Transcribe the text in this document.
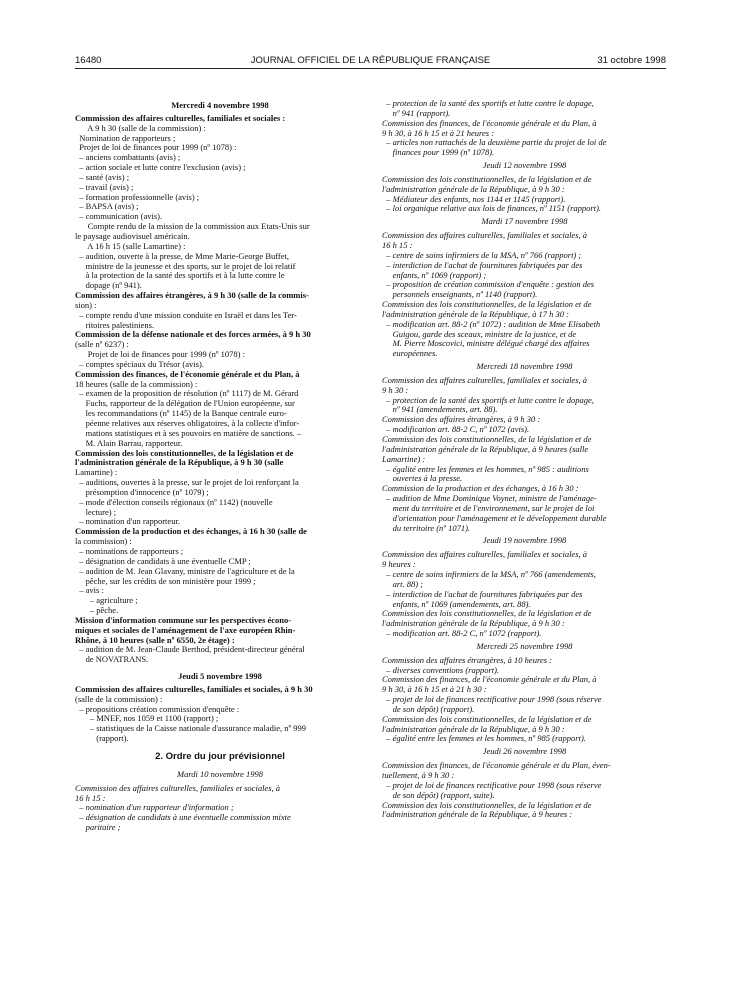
16480	JOURNAL OFFICIEL DE LA RÉPUBLIQUE FRANÇAISE	31 octobre 1998
Mercredi 4 novembre 1998
Commission des affaires culturelles, familiales et sociales :
A 9 h 30 (salle de la commission) :
Nomination de rapporteurs ;
Projet de loi de finances pour 1999 (nº 1078) :
– anciens combattants (avis) ;
– action sociale et lutte contre l'exclusion (avis) ;
– santé (avis) ;
– travail (avis) ;
– formation professionnelle (avis) ;
– BAPSA (avis) ;
– communication (avis).
Compte rendu de la mission de la commission aux Etats-Unis sur
le paysage audiovisuel américain.
A 16 h 15 (salle Lamartine) :
– audition, ouverte à la presse, de Mme Marie-George Buffet,
ministre de la jeunesse et des sports, sur le projet de loi relatif
à la protection de la santé des sportifs et à la lutte contre le
dopage (nº 941).
Commission des affaires étrangères, à 9 h 30 (salle de la commis-
sion) :
– compte rendu d'une mission conduite en Israël et dans les Ter-
ritoires palestiniens.
Commission de la défense nationale et des forces armées, à 9 h 30
(salle nº 6237) :
Projet de loi de finances pour 1999 (nº 1078) :
– comptes spéciaux du Trésor (avis).
Commission des finances, de l'économie générale et du Plan, à
18 heures (salle de la commission) :
– examen de la proposition de résolution (nº 1117) de M. Gérard
Fuchs, rapporteur de la délégation de l'Union européenne, sur
les recommandations (nº 1145) de la Banque centrale euro-
péenne relatives aux réserves obligatoires, à la collecte d'infor-
mations statistiques et à ses pouvoirs en matière de sanctions. –
M. Alain Barrau, rapporteur.
Commission des lois constitutionnelles, de la législation et de
l'administration générale de la République, à 9 h 30 (salle
Lamartine) :
– auditions, ouvertes à la presse, sur le projet de loi renforçant la
présomption d'innocence (nº 1079) ;
– mode d'élection conseils régionaux (nº 1142) (nouvelle
lecture) ;
– nomination d'un rapporteur.
Commission de la production et des échanges, à 16 h 30 (salle de
la commission) :
– nominations de rapporteurs ;
– désignation de candidats à une éventuelle CMP ;
– audition de M. Jean Glavany, ministre de l'agriculture et de la
pêche, sur les crédits de son ministère pour 1999 ;
– avis :
– agriculture ;
– pêche.
Mission d'information commune sur les perspectives écono-
miques et sociales de l'aménagement de l'axe européen Rhin-
Rhône, à 10 heures (salle nº 6550, 2e étage) :
– audition de M. Jean-Claude Berthod, président-directeur général
de NOVATRANS.
Jeudi 5 novembre 1998
Commission des affaires culturelles, familiales et sociales, à 9 h 30
(salle de la commission) :
– propositions création commission d'enquête :
– MNEF, nos 1059 et 1100 (rapport) ;
– statistiques de la Caisse nationale d'assurance maladie, nº 999
(rapport).
2. Ordre du jour prévisionnel
Mardi 10 novembre 1998
Commission des affaires culturelles, familiales et sociales, à
16 h 15 :
– nomination d'un rapporteur d'information ;
– désignation de candidats à une éventuelle commission mixte
paritaire ;
– protection de la santé des sportifs et lutte contre le dopage,
nº 941 (rapport).
Commission des finances, de l'économie générale et du Plan, à
9 h 30, à 16 h 15 et à 21 heures :
– articles non rattachés de la deuxième partie du projet de loi de
finances pour 1999 (nº 1078).
Jeudi 12 novembre 1998
Commission des lois constitutionnelles, de la législation et de
l'administration générale de la République, à 9 h 30 :
– Médiateur des enfants, nos 1144 et 1145 (rapport).
– loi organique relative aux lois de finances, nº 1151 (rapport).
Mardi 17 novembre 1998
Commission des affaires culturelles, familiales et sociales, à
16 h 15 :
– centre de soins infirmiers de la MSA, nº 766 (rapport) ;
– interdiction de l'achat de fournitures fabriquées par des
enfants, nº 1069 (rapport) ;
– proposition de création commission d'enquête : gestion des
personnels enseignants, nº 1140 (rapport).
Commission des lois constitutionnelles, de la législation et de
l'administration générale de la République, à 17 h 30 :
– modification art. 88-2 (nº 1072) : audition de Mme Elisabeth
Guigou, garde des sceaux, ministre de la justice, et de
M. Pierre Moscovici, ministre délégué chargé des affaires
européennes.
Mercredi 18 novembre 1998
Commission des affaires culturelles, familiales et sociales, à
9 h 30 :
– protection de la santé des sportifs et lutte contre le dopage,
nº 941 (amendements, art. 88).
Commission des affaires étrangères, à 9 h 30 :
– modification art. 88-2 C, nº 1072 (avis).
Commission des lois constitutionnelles, de la législation et de
l'administration générale de la République, à 9 heures (salle
Lamartine) :
– égalité entre les femmes et les hommes, nº 985 : auditions
ouvertes à la presse.
Commission de la production et des échanges, à 16 h 30 :
– audition de Mme Dominique Voynet, ministre de l'aménage-
ment du territoire et de l'environnement, sur le projet de loi
d'orientation pour l'aménagement et le développement durable
du territoire (nº 1071).
Jeudi 19 novembre 1998
Commission des affaires culturelles, familiales et sociales, à
9 heures :
– centre de soins infirmiers de la MSA, nº 766 (amendements,
art. 88) ;
– interdiction de l'achat de fournitures fabriquées par des
enfants, nº 1069 (amendements, art. 88).
Commission des lois constitutionnelles, de la législation et de
l'administration générale de la République, à 9 h 30 :
– modification art. 88-2 C, nº 1072 (rapport).
Mercredi 25 novembre 1998
Commission des affaires étrangères, à 10 heures :
– diverses conventions (rapport).
Commission des finances, de l'économie générale et du Plan, à
9 h 30, à 16 h 15 et à 21 h 30 :
– projet de loi de finances rectificative pour 1998 (sous réserve
de son dépôt) (rapport).
Commission des lois constitutionnelles, de la législation et de
l'administration générale de la République, à 9 h 30 :
– égalité entre les femmes et les hommes, nº 985 (rapport).
Jeudi 26 novembre 1998
Commission des finances, de l'économie générale et du Plan, éven-
tuellement, à 9 h 30 :
– projet de loi de finances rectificative pour 1998 (sous réserve
de son dépôt) (rapport, suite).
Commission des lois constitutionnelles, de la législation et de
l'administration générale de la République, à 9 heures :
